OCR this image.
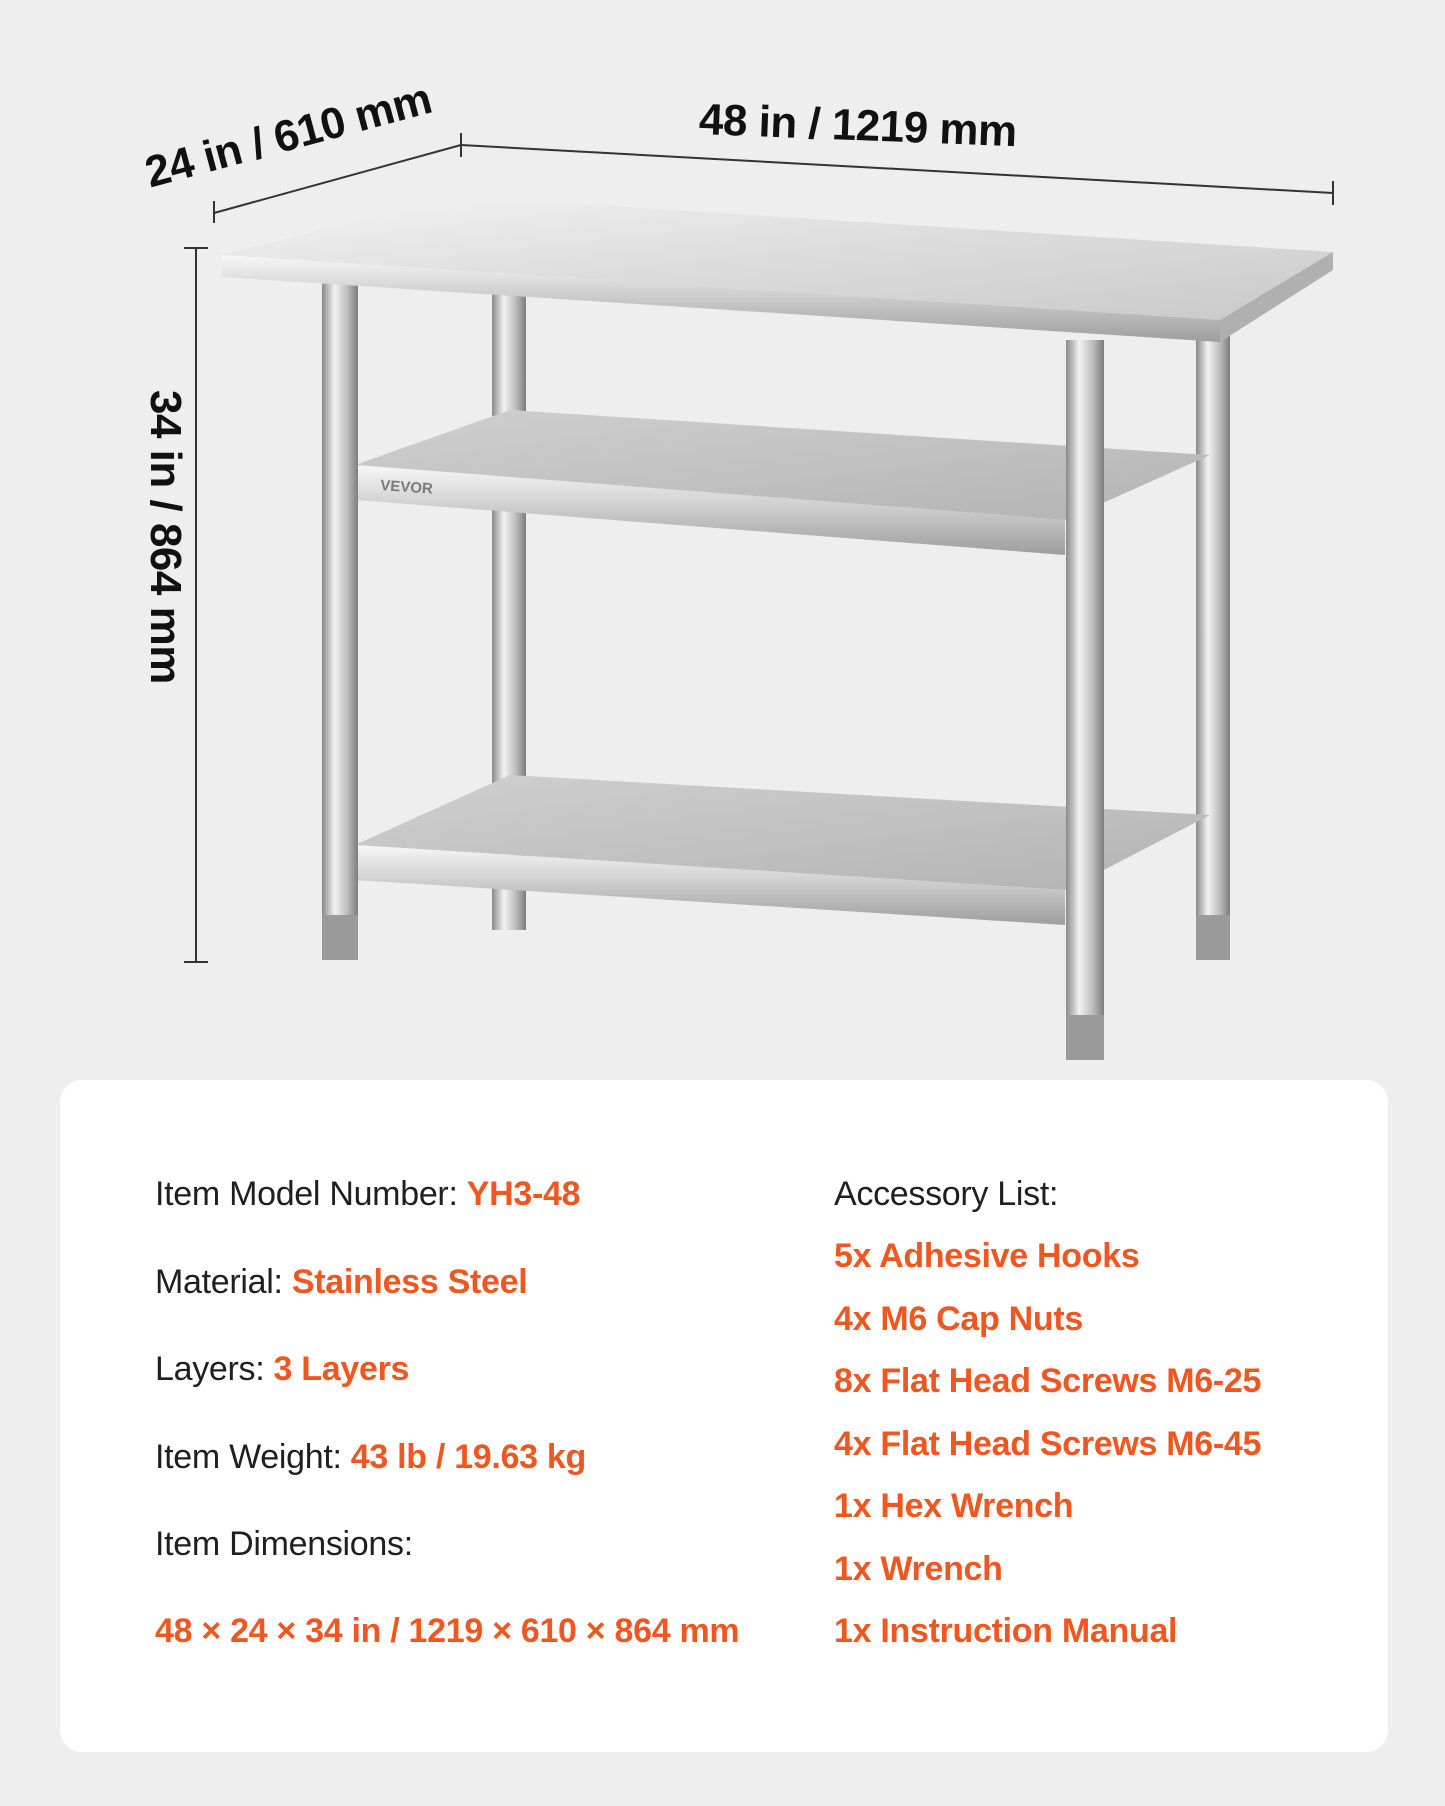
VEVOR
48 in / 1219 mm
24 in / 610 mm
34 in / 864 mm
Item Model Number: YH3-48
Material: Stainless Steel
Layers: 3 Layers
Item Weight: 43 lb / 19.63 kg
Item Dimensions:
48 × 24 × 34 in / 1219 × 610 × 864 mm
Accessory List:
5x Adhesive Hooks
4x M6 Cap Nuts
8x Flat Head Screws M6-25
4x Flat Head Screws M6-45
1x Hex Wrench
1x Wrench
1x Instruction Manual
